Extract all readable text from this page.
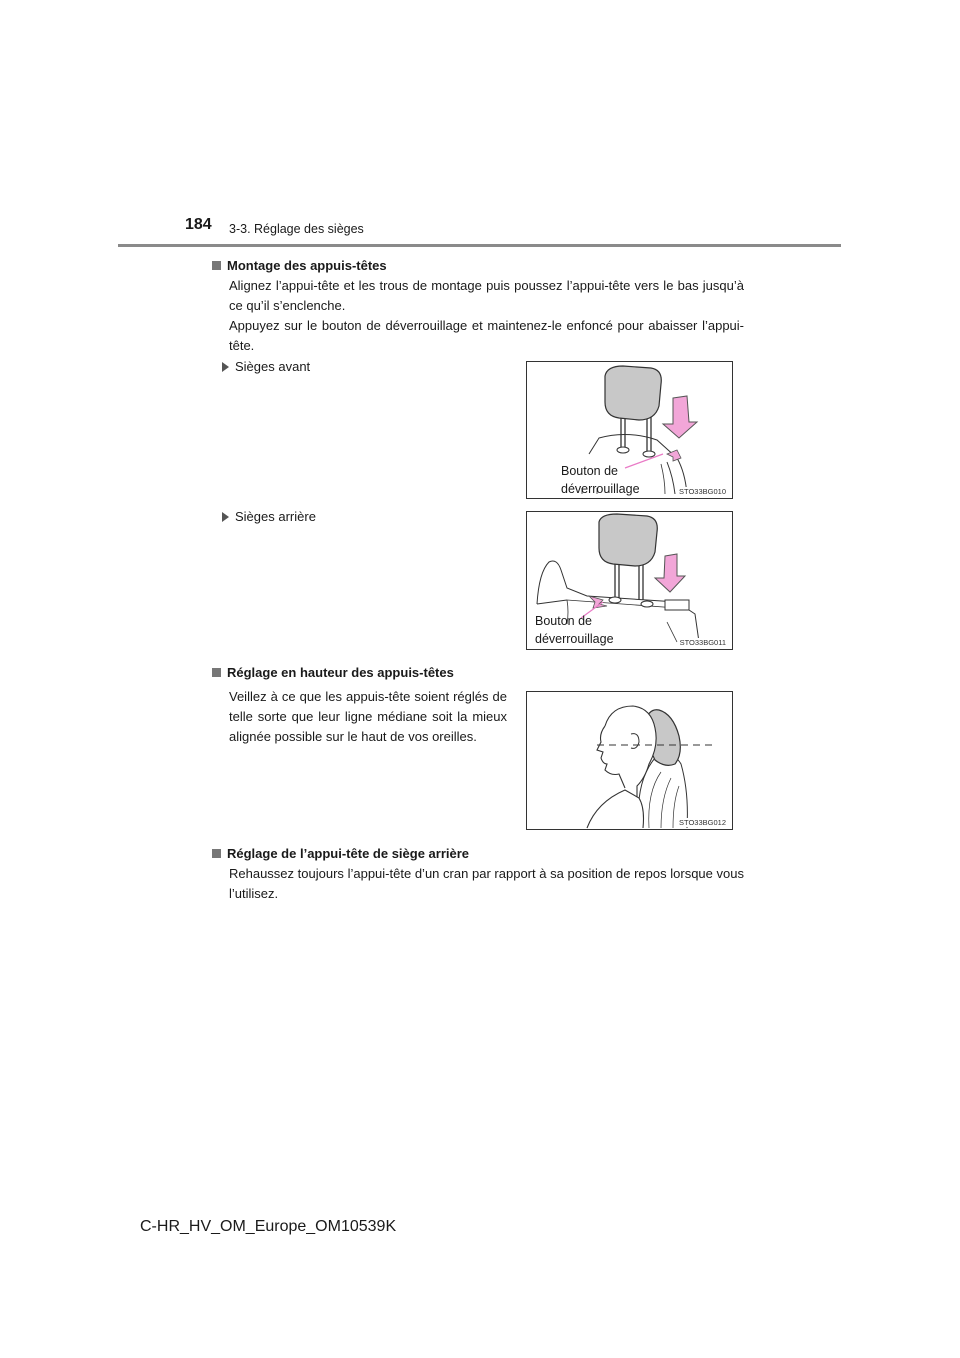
184 3-3. Réglage des sièges
Montage des appuis-têtes
Alignez l’appui-tête et les trous de montage puis poussez l’appui-tête vers le bas jusqu’à ce qu’il s’enclenche.
Appuyez sur le bouton de déverrouillage et maintenez-le enfoncé pour abaisser l’appui-tête.
Sièges avant
Bouton de
déverrouillage	STO33BG010
Sièges arrière
Bouton de
déverrouillage	STO33BG011
Réglage en hauteur des appuis-têtes
Veillez à ce que les appuis-tête soient réglés de telle sorte que leur ligne médiane soit la mieux alignée possible sur le haut de vos oreilles.
STO33BG012
Réglage de l’appui-tête de siège arrière
Rehaussez toujours l’appui-tête d’un cran par rapport à sa position de repos lorsque vous l’utilisez.
C-HR_HV_OM_Europe_OM10539K
